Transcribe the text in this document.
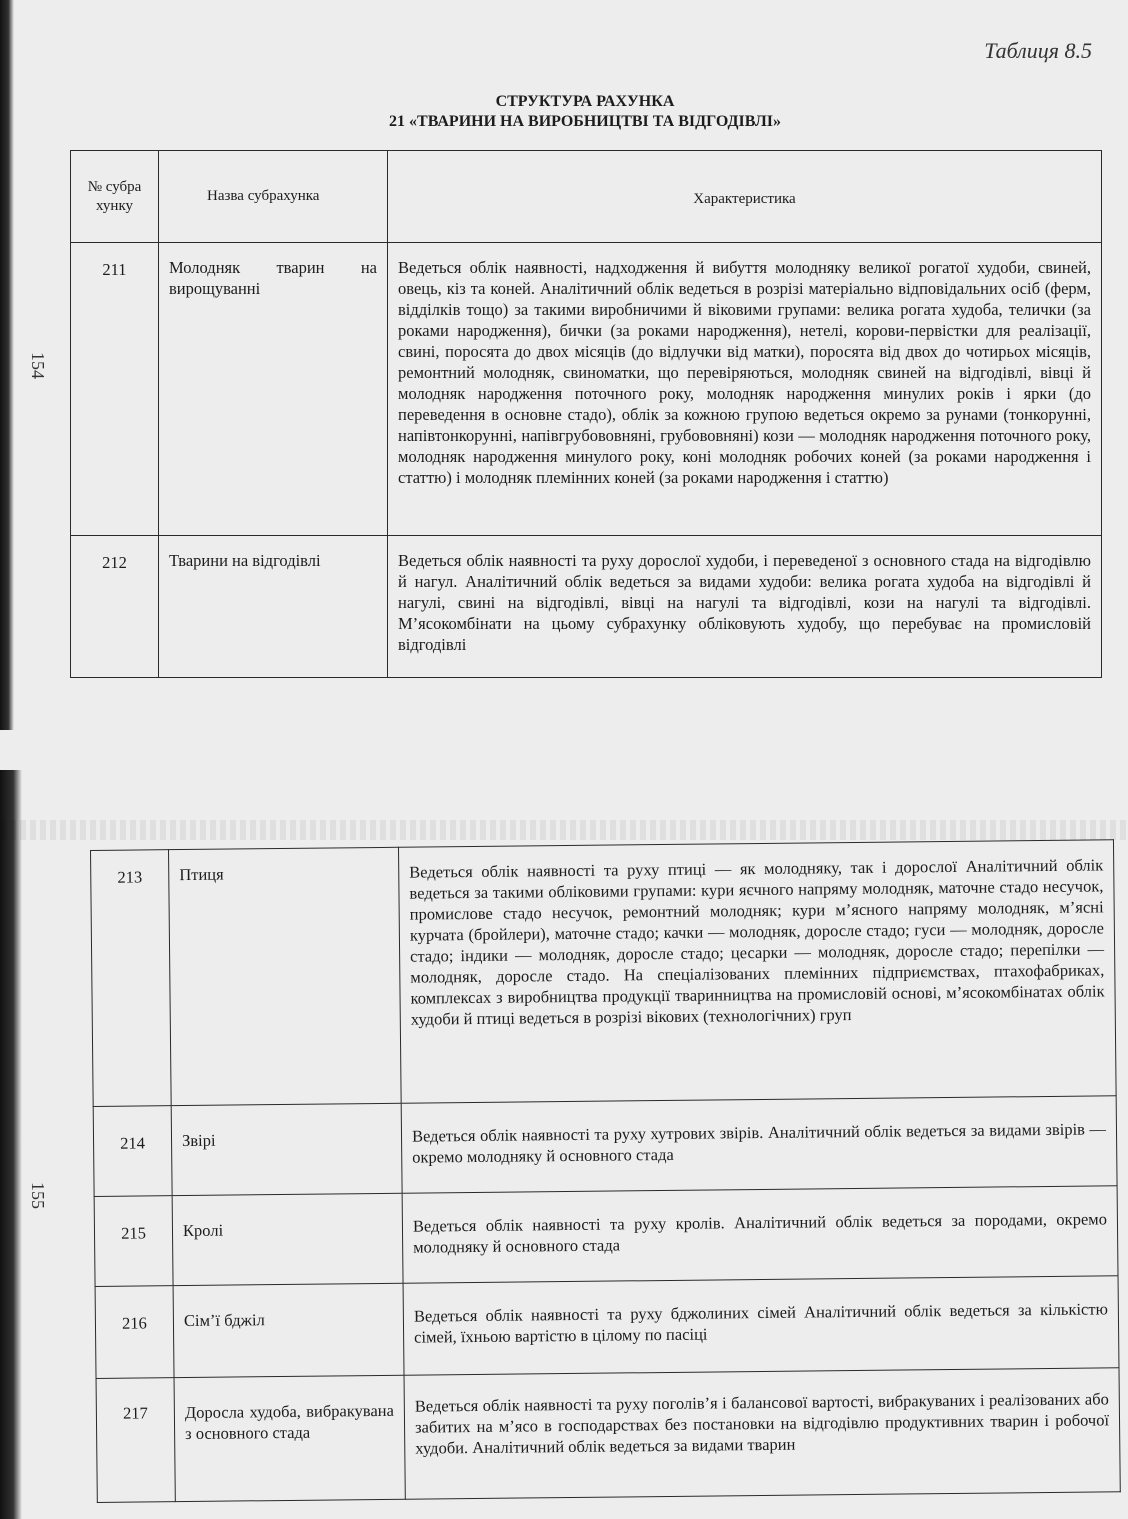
154
Таблиця 8.5
СТРУКТУРА РАХУНКА
21 «ТВАРИНИ НА ВИРОБНИЦТВІ ТА ВІДГОДІВЛІ»
№ субра хунку	Назва субрахунка	Характеристика
211	Молодняк тварин на вирощуванні	Ведеться облік наявності, надходження й вибуття молодняку великої рогатої худоби, свиней, овець, кіз та коней. Аналітичний облік ведеться в розрізі матеріально відповідальних осіб (ферм, відділків тощо) за такими виробничими й віковими групами: велика рогата худоба, телички (за роками народження), бички (за роками народження), нетелі, корови-первістки для реалізації, свині, поросята до двох місяців (до відлучки від матки), поросята від двох до чотирьох місяців, ремонтний молодняк, свиноматки, що перевіряються, молодняк свиней на відгодівлі, вівці й молодняк народження поточного року, молодняк народження минулих років і ярки (до переведення в основне стадо), облік за кожною групою ведеться окремо за рунами (тонкорунні, напівтонкорунні, напівгрубововняні, грубововняні) кози — молодняк народження поточного року, молодняк народження минулого року, коні молодняк робочих коней (за роками народження і статтю) і молодняк племінних коней (за роками народження і статтю)
212	Тварини на відгодівлі	Ведеться облік наявності та руху дорослої худоби, і переведеної з основного стада на відгодівлю й нагул. Аналітичний облік ведеться за видами худоби: велика рогата худоба на відгодівлі й нагулі, свині на відгодівлі, вівці на нагулі та відгодівлі, кози на нагулі та відгодівлі. М’ясокомбінати на цьому субрахунку обліковують худобу, що перебуває на промисловій відгодівлі
155
213	Птиця	Ведеться облік наявності та руху птиці — як молодняку, так і дорослої Аналітичний облік ведеться за такими обліковими групами: кури яєчного напряму молодняк, маточне стадо несучок, промислове стадо несучок, ремонтний молодняк; кури м’ясного напряму молодняк, м’ясні курчата (бройлери), маточне стадо; качки — молодняк, доросле стадо; гуси — молодняк, доросле стадо; індики — молодняк, доросле стадо; цесарки — молодняк, доросле стадо; перепілки — молодняк, доросле стадо. На спеціалізованих племінних підприємствах, птахофабриках, комплексах з виробництва продукції тваринництва на промисловій основі, м’ясокомбінатах облік худоби й птиці ведеться в розрізі вікових (технологічних) груп
214	Звірі	Ведеться облік наявності та руху хутрових звірів. Аналітичний облік ведеться за видами звірів — окремо молодняку й основного стада
215	Кролі	Ведеться облік наявності та руху кролів. Аналітичний облік ведеться за породами, окремо молодняку й основного стада
216	Сім’ї бджіл	Ведеться облік наявності та руху бджолиних сімей Аналітичний облік ведеться за кількістю сімей, їхньою вартістю в цілому по пасіці
217	Доросла худоба, вибракувана з основного стада	Ведеться облік наявності та руху поголів’я і балансової вартості, вибракуваних і реалізованих або забитих на м’ясо в господарствах без постановки на відгодівлю продуктивних тварин і робочої худоби. Аналітичний облік ведеться за видами тварин
